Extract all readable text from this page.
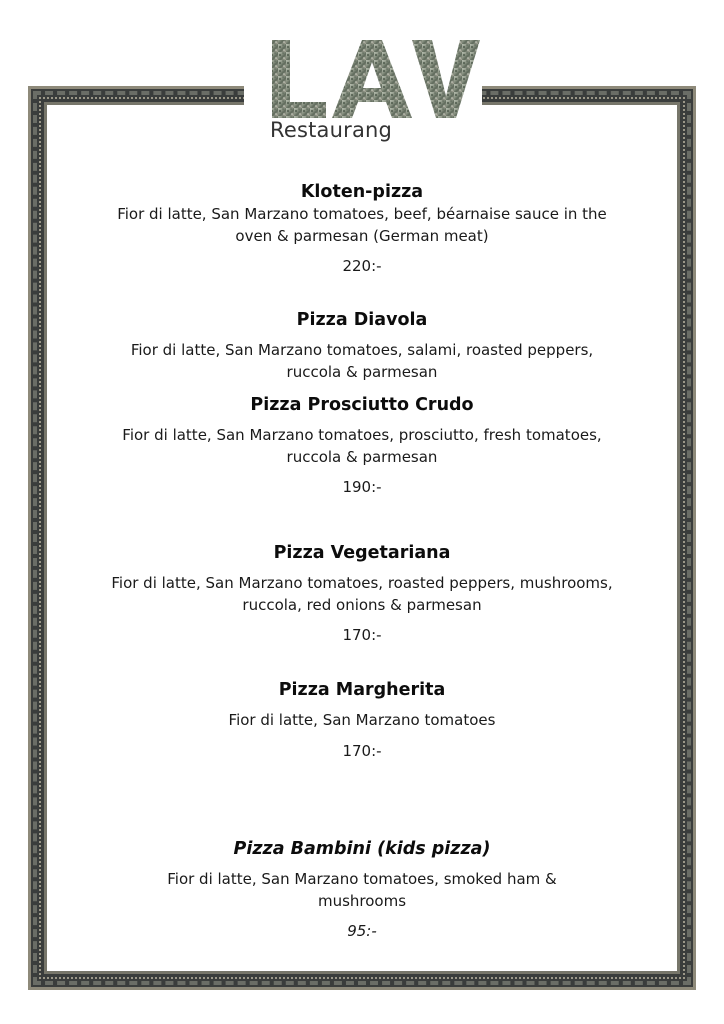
Restaurang
Kloten-pizza
Fior di latte, San Marzano tomatoes, beef, béarnaise sauce in the oven & parmesan (German meat)
220:-
Pizza Diavola
Fior di latte, San Marzano tomatoes, salami, roasted peppers, ruccola & parmesan
Pizza Prosciutto Crudo
Fior di latte, San Marzano tomatoes, prosciutto, fresh tomatoes, ruccola & parmesan
190:-
Pizza Vegetariana
Fior di latte, San Marzano tomatoes, roasted peppers, mushrooms, ruccola, red onions & parmesan
170:-
Pizza Margherita
Fior di latte, San Marzano tomatoes
170:-
Pizza Bambini (kids pizza)
Fior di latte, San Marzano tomatoes, smoked ham & mushrooms
95:-
